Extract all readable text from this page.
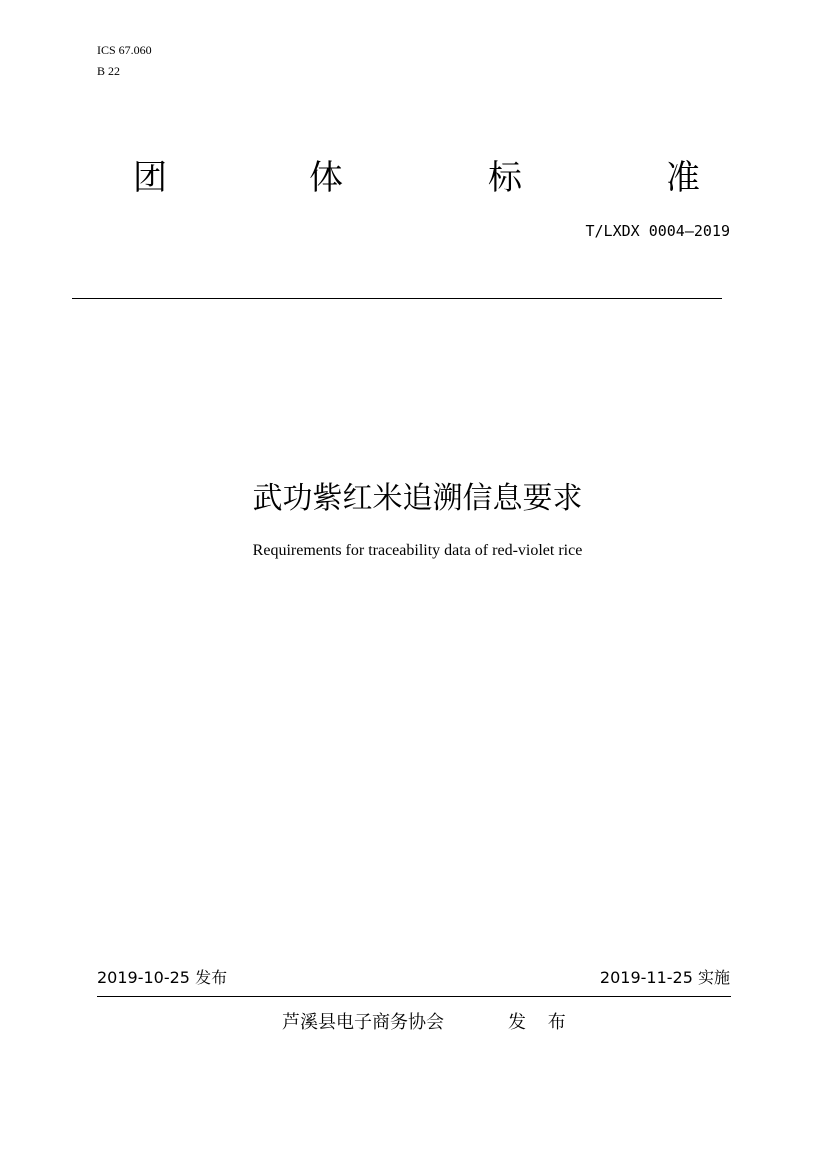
ICS 67.060
B 22
团	体	标	准
T/LXDX 0004—2019
武功紫红米追溯信息要求
Requirements for traceability data of red-violet rice
2019-10-25 发布	2019-11-25 实施
芦溪县电子商务协会	发 布
